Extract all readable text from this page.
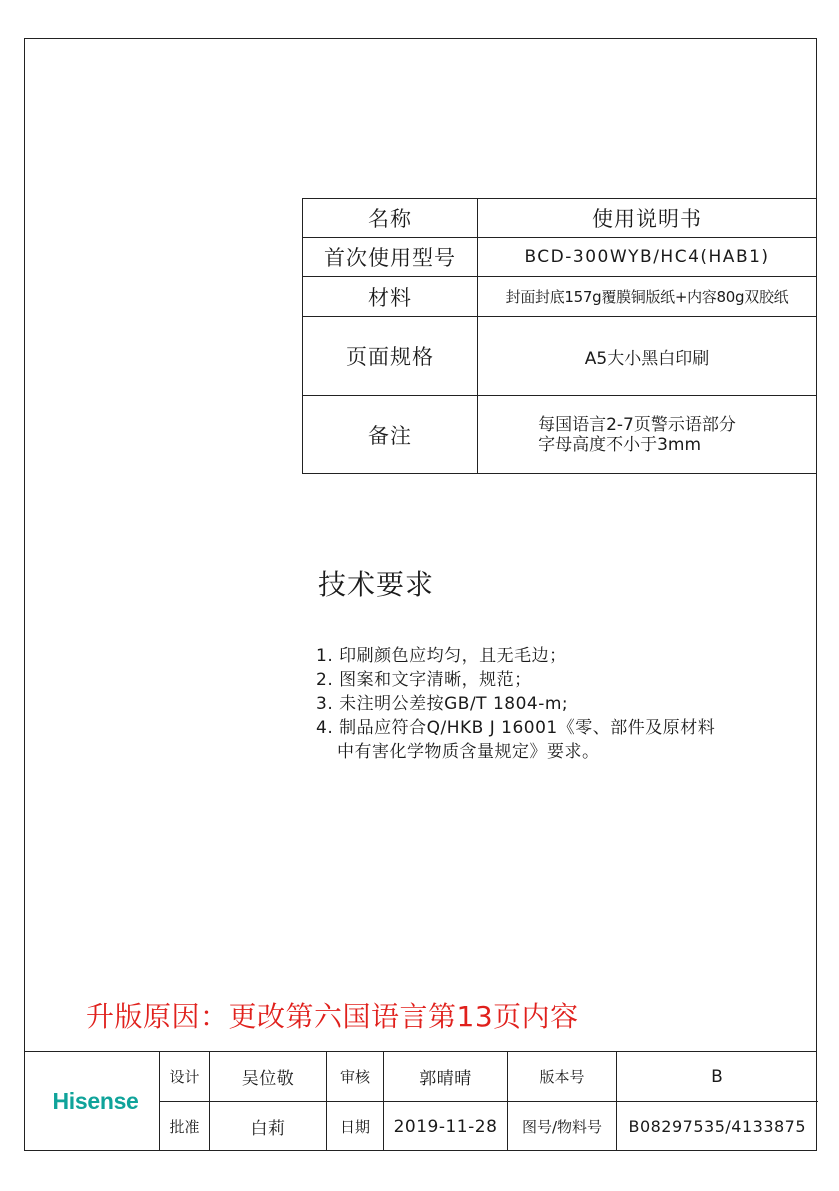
名称	使用说明书
首次使用型号	BCD-300WYB/HC4(HAB1)
材料	封面封底157g覆膜铜版纸+内容80g双胶纸
页面规格	A5大小黑白印刷
备注	每国语言2-7页警示语部分
字母高度不小于3mm
技术要求
1. 印刷颜色应均匀，且无毛边；
2. 图案和文字清晰，规范；
3. 未注明公差按GB/T 1804-m;
4. 制品应符合Q/HKB J 16001《零、部件及原材料
中有害化学物质含量规定》要求。

升版原因：更改第六国语言第13页内容

Hisense
设计	吴位敬	审核	郭晴晴	版本号	B
批准	白莉	日期	2019-11-28	图号/物料号	B08297535/4133875
